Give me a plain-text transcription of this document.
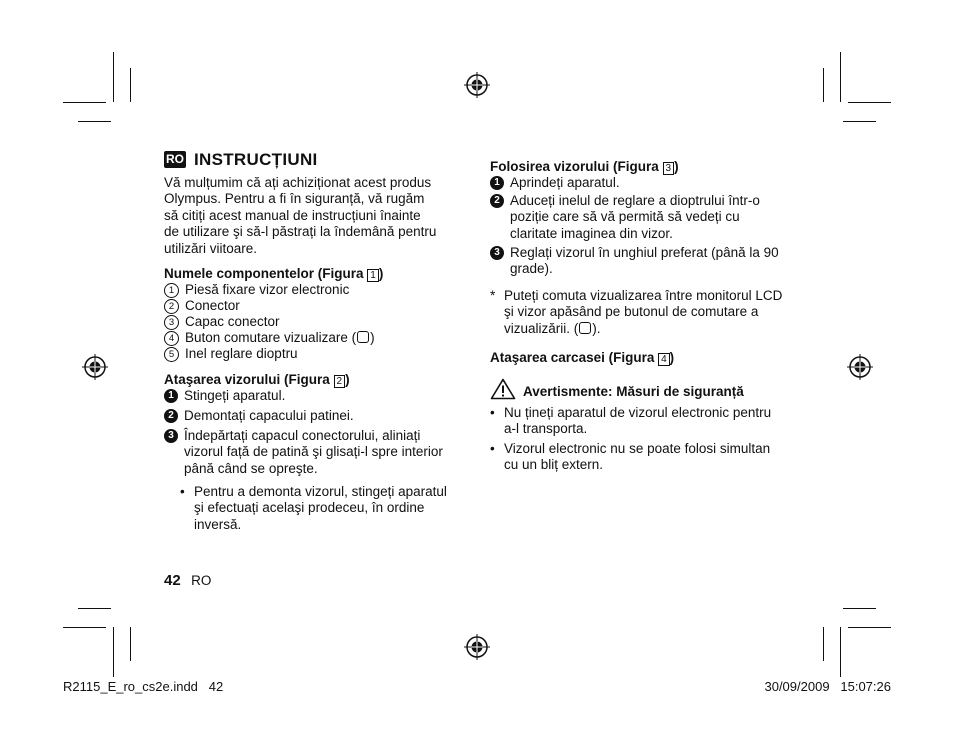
RO INSTRUCȚIUNI
Vă mulțumim că ați achiziționat acest produs
Olympus. Pentru a fi în siguranță, vă rugăm
să citiți acest manual de instrucțiuni înainte
de utilizare şi să-l păstrați la îndemână pentru
utilizări viitoare.
Numele componentelor (Figura 1 )
1 Piesă fixare vizor electronic
2 Conector
3 Capac conector
4 Buton comutare vizualizare ( )
5 Inel reglare dioptru
Ataşarea vizorului (Figura 2 )
1 Stingeți aparatul.
2 Demontați capacului patinei.
3 Îndepărtați capacul conectorului, aliniați
vizorul față de patină şi glisați-l spre interior
până când se opreşte.
• Pentru a demonta vizorul, stingeți aparatul
şi efectuați acelaşi prodeceu, în ordine
inversă.
42 RO
Folosirea vizorului (Figura 3 )
1 Aprindeți aparatul.
2 Aduceți inelul de reglare a dioptrului într-o
poziție care să vă permită să vedeți cu
claritate imaginea din vizor.
3 Reglați vizorul în unghiul preferat (până la 90
grade).
* Puteți comuta vizualizarea între monitorul LCD
şi vizor apăsând pe butonul de comutare a
vizualizării. ( ).
Ataşarea carcasei (Figura 4 )
Avertismente: Măsuri de siguranță
• Nu țineți aparatul de vizorul electronic pentru
a-l transporta.
• Vizorul electronic nu se poate folosi simultan
cu un bliț extern.
R2115_E_ro_cs2e.indd   42	30/09/2009   15:07:26
